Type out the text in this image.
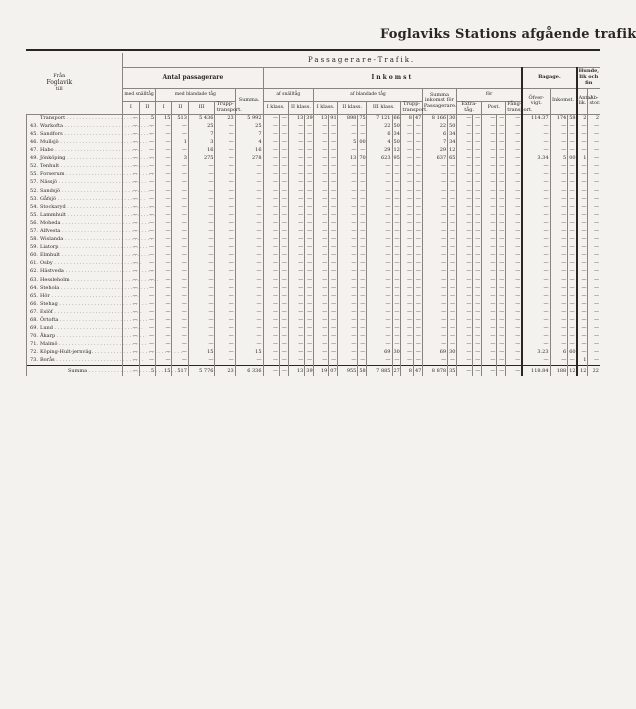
Foglaviks Stations afgående trafik
Från
Foglavik
till	Passagerare-Trafik.																														
	Antal passagerare							Inkomst																			Bagage.			Hunde, lik och fin	
	med snälltåg		med blandade tåg				Summa.	af snälltåg				af blandade tåg								Summa inkomst för Passagerare.		för					Öfver-vigt.	Inkomst.		Antal lik.	Ab-stor.
	I	II	I	II	III	Trupp-transport.		I klass.		II klass.		I klass.		II klass.		III klass.		Trupp-transport.				Extra-tåg.		Post.		Fång-transport.					
Transport . . .	—	5	15	513	5 436	23	5 992	—	—	13	39	13	91	898	75	7 121	66	8	47	8 166	30	—	—	—	—	—	114.37	174	58	2	2
43. Warkofta . . .	—	—	—	—	25	—	25	—	—	—	—	—	—	—	—	22	50	—	—	22	50	—	—	—	—	—	—	—	—	—	—
45. Sandfors . . .	—	—	—	—	7	—	7	—	—	—	—	—	—	—	—	6	34	—	—	6	34	—	—	—	—	—	—	—	—	—	—
46. Mullsjö . . .	—	—	—	1	3	—	4	—	—	—	—	—	—	5	00	4	50	—	—	7	34	—	—	—	—	—	—	—	—	—	—
47. Habo . . .	—	—	—	—	16	—	16	—	—	—	—	—	—	—	—	29	12	—	—	29	12	—	—	—	—	—	—	—	—	—	—
49. Jönköping . . .	—	—	—	3	275	—	278	—	—	—	—	—	—	13	70	623	95	—	—	637	65	—	—	—	—	—	3.34	5	00	1	—
52. Tenhult . . .	—	—	—	—	—	—	—	—	—	—	—	—	—	—	—	—	—	—	—	—	—	—	—	—	—	—	—	—	—	—	—
55. Forserum . . .	—	—	—	—	—	—	—	—	—	—	—	—	—	—	—	—	—	—	—	—	—	—	—	—	—	—	—	—	—	—	—
57. Nässjö . . .	—	—	—	—	—	—	—	—	—	—	—	—	—	—	—	—	—	—	—	—	—	—	—	—	—	—	—	—	—	—	—
52. Sandsjö . . .	—	—	—	—	—	—	—	—	—	—	—	—	—	—	—	—	—	—	—	—	—	—	—	—	—	—	—	—	—	—	—
53. Gåfsjö . . .	—	—	—	—	—	—	—	—	—	—	—	—	—	—	—	—	—	—	—	—	—	—	—	—	—	—	—	—	—	—	—
54. Stockaryd . . .	—	—	—	—	—	—	—	—	—	—	—	—	—	—	—	—	—	—	—	—	—	—	—	—	—	—	—	—	—	—	—
55. Lammhult . . .	—	—	—	—	—	—	—	—	—	—	—	—	—	—	—	—	—	—	—	—	—	—	—	—	—	—	—	—	—	—	—
56. Moheda . . .	—	—	—	—	—	—	—	—	—	—	—	—	—	—	—	—	—	—	—	—	—	—	—	—	—	—	—	—	—	—	—
57. Alfvesta . . .	—	—	—	—	—	—	—	—	—	—	—	—	—	—	—	—	—	—	—	—	—	—	—	—	—	—	—	—	—	—	—
58. Wislanda . . .	—	—	—	—	—	—	—	—	—	—	—	—	—	—	—	—	—	—	—	—	—	—	—	—	—	—	—	—	—	—	—
59. Liatorp . . .	—	—	—	—	—	—	—	—	—	—	—	—	—	—	—	—	—	—	—	—	—	—	—	—	—	—	—	—	—	—	—
60. Elmhult . . .	—	—	—	—	—	—	—	—	—	—	—	—	—	—	—	—	—	—	—	—	—	—	—	—	—	—	—	—	—	—	—
61. Osby . . .	—	—	—	—	—	—	—	—	—	—	—	—	—	—	—	—	—	—	—	—	—	—	—	—	—	—	—	—	—	—	—
62. Hästveda . . .	—	—	—	—	—	—	—	—	—	—	—	—	—	—	—	—	—	—	—	—	—	—	—	—	—	—	—	—	—	—	—
63. Hessleholm . . .	—	—	—	—	—	—	—	—	—	—	—	—	—	—	—	—	—	—	—	—	—	—	—	—	—	—	—	—	—	—	—
64. Stehola . . .	—	—	—	—	—	—	—	—	—	—	—	—	—	—	—	—	—	—	—	—	—	—	—	—	—	—	—	—	—	—	—
65. Hör . . .	—	—	—	—	—	—	—	—	—	—	—	—	—	—	—	—	—	—	—	—	—	—	—	—	—	—	—	—	—	—	—
66. Stehag . . .	—	—	—	—	—	—	—	—	—	—	—	—	—	—	—	—	—	—	—	—	—	—	—	—	—	—	—	—	—	—	—
67. Eslöf . . .	—	—	—	—	—	—	—	—	—	—	—	—	—	—	—	—	—	—	—	—	—	—	—	—	—	—	—	—	—	—	—
68. Örtofta . . .	—	—	—	—	—	—	—	—	—	—	—	—	—	—	—	—	—	—	—	—	—	—	—	—	—	—	—	—	—	—	—
69. Lund . . .	—	—	—	—	—	—	—	—	—	—	—	—	—	—	—	—	—	—	—	—	—	—	—	—	—	—	—	—	—	—	—
70. Åkarp . . .	—	—	—	—	—	—	—	—	—	—	—	—	—	—	—	—	—	—	—	—	—	—	—	—	—	—	—	—	—	—	—
71. Malmö . . .	—	—	—	—	—	—	—	—	—	—	—	—	—	—	—	—	—	—	—	—	—	—	—	—	—	—	—	—	—	—	—
72. Köping-Hult-jernväg. . . .	—	—	—	—	15	—	15	—	—	—	—	—	—	—	—	69	30	—	—	69	30	—	—	—	—	—	3.23	6	60	—	—
73. Borås . . .	—	—	—	—	—	—	—	—	—	—	—	—	—	—	—	—	—	—	—	—	—	—	—	—	—	—	—	—	—	1	—
Summa . . .	—	5	15	517	5 776	23	6 336	—	—	13	39	19	07	955	58	7 885	27	8	47	8 878	35	—	—	—	—	—	118.84	188	12	12	22
